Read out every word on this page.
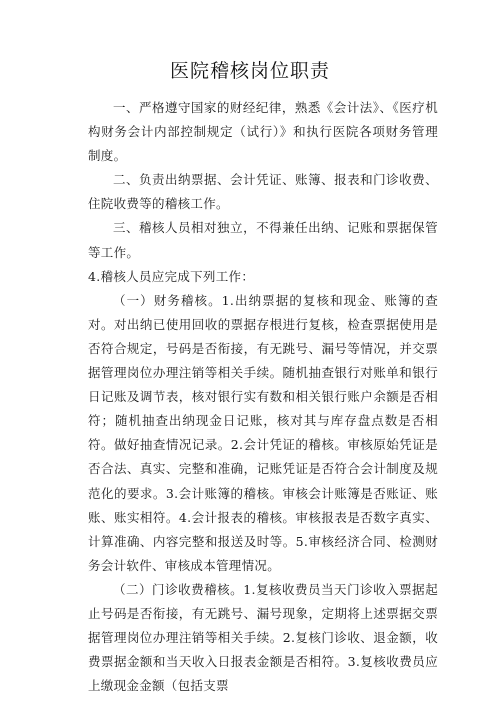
医院稽核岗位职责

一、严格遵守国家的财经纪律，熟悉《会计法》、《医疗机构财务会计内部控制规定（试行）》和执行医院各项财务管理制度。

二、负责出纳票据、会计凭证、账簿、报表和门诊收费、住院收费等的稽核工作。

三、稽核人员相对独立，不得兼任出纳、记账和票据保管等工作。

4.稽核人员应完成下列工作：

（一）财务稽核。1.出纳票据的复核和现金、账簿的查对。对出纳已使用回收的票据存根进行复核，检查票据使用是否符合规定，号码是否衔接，有无跳号、漏号等情况，并交票据管理岗位办理注销等相关手续。随机抽查银行对账单和银行日记账及调节表，核对银行实有数和相关银行账户余额是否相符；随机抽查出纳现金日记账，核对其与库存盘点数是否相符。做好抽查情况记录。2.会计凭证的稽核。审核原始凭证是否合法、真实、完整和准确，记账凭证是否符合会计制度及规范化的要求。3.会计账簿的稽核。审核会计账簿是否账证、账账、账实相符。4.会计报表的稽核。审核报表是否数字真实、计算准确、内容完整和报送及时等。5.审核经济合同、检测财务会计软件、审核成本管理情况。

（二）门诊收费稽核。1.复核收费员当天门诊收入票据起止号码是否衔接，有无跳号、漏号现象，定期将上述票据交票据管理岗位办理注销等相关手续。2.复核门诊收、退金额，收费票据金额和当天收入日报表金额是否相符。3.复核收费员应上缴现金金额（包括支票
